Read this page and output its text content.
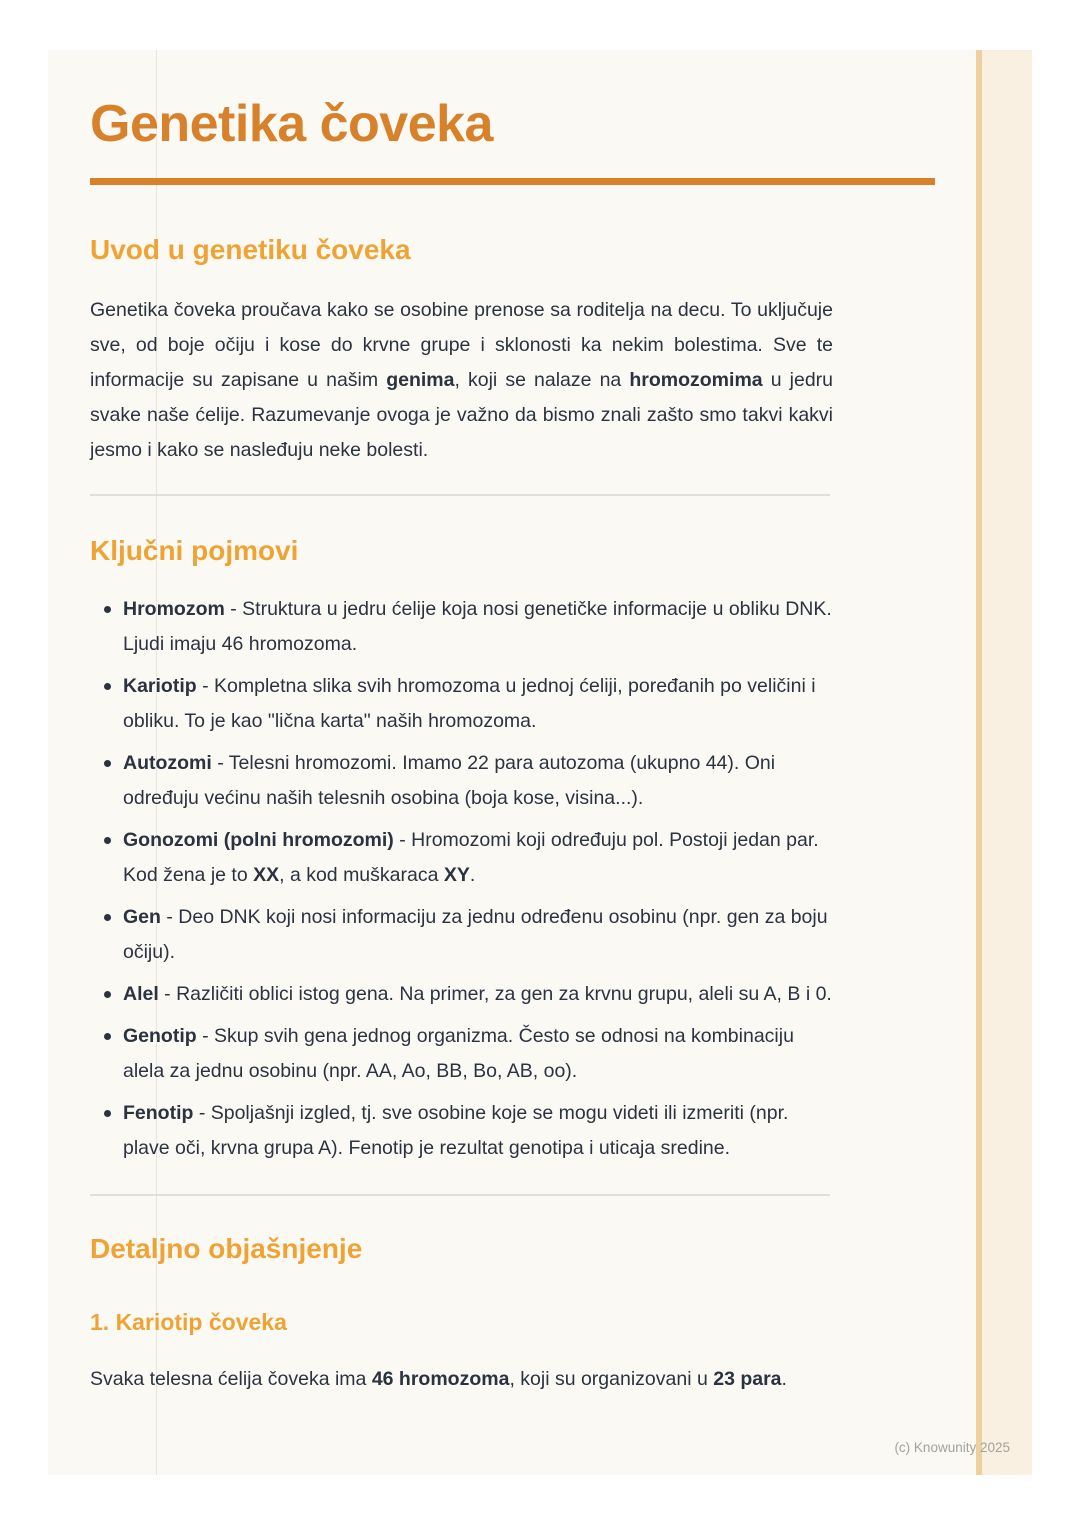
Genetika čoveka
Uvod u genetiku čoveka

Genetika čoveka proučava kako se osobine prenose sa roditelja na decu. To uključuje sve, od boje očiju i kose do krvne grupe i sklonosti ka nekim bolestima. Sve te informacije su zapisane u našim genima, koji se nalaze na hromozomima u jedru svake naše ćelije. Razumevanje ovoga je važno da bismo znali zašto smo takvi kakvi jesmo i kako se nasleđuju neke bolesti.

Ključni pojmovi
Hromozom - Struktura u jedru ćelije koja nosi genetičke informacije u obliku DNK. Ljudi imaju 46 hromozoma.
Kariotip - Kompletna slika svih hromozoma u jednoj ćeliji, poređanih po veličini i obliku. To je kao "lična karta" naših hromozoma.
Autozomi - Telesni hromozomi. Imamo 22 para autozoma (ukupno 44). Oni određuju većinu naših telesnih osobina (boja kose, visina...).
Gonozomi (polni hromozomi) - Hromozomi koji određuju pol. Postoji jedan par. Kod žena je to XX, a kod muškaraca XY.
Gen - Deo DNK koji nosi informaciju za jednu određenu osobinu (npr. gen za boju očiju).
Alel - Različiti oblici istog gena. Na primer, za gen za krvnu grupu, aleli su A, B i 0.
Genotip - Skup svih gena jednog organizma. Često se odnosi na kombinaciju alela za jednu osobinu (npr. AA, Ao, BB, Bo, AB, oo).
Fenotip - Spoljašnji izgled, tj. sve osobine koje se mogu videti ili izmeriti (npr. plave oči, krvna grupa A). Fenotip je rezultat genotipa i uticaja sredine.
Detaljno objašnjenje
1. Kariotip čoveka

Svaka telesna ćelija čoveka ima 46 hromozoma, koji su organizovani u 23 para.

(c) Knowunity 2025
